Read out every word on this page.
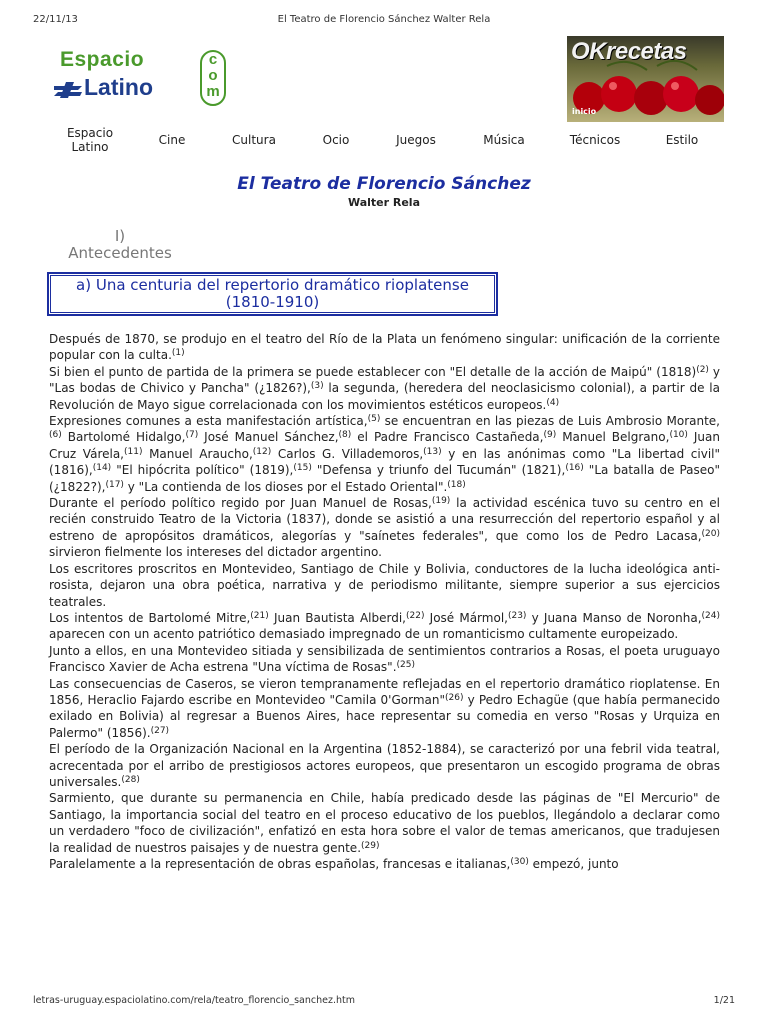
22/11/13	El Teatro de Florencio Sánchez Walter Rela
Espacio
Latino
c
o
m
OKrecetas
inicio
Espacio
Latino	Cine	Cultura	Ocio	Juegos	Música	Técnicos	Estilo
El Teatro de Florencio Sánchez
Walter Rela
I)
Antecedentes
a) Una centuria del repertorio dramático rioplatense (1810-1910)

Después de 1870, se produjo en el teatro del Río de la Plata un fenómeno singular: unificación de la corriente popular con la culta.$^{(1)}$

Si bien el punto de partida de la primera se puede establecer con "El detalle de la acción de Maipú" $(1818)^{(2)}$ y "Las bodas de Chivico y Pancha" (¿1826?),$^{(3)}$ la segunda, (heredera del neoclasicismo colonial), a partir de la Revolución de Mayo sigue correlacionada con los movimientos estéticos europeos.$^{(4)}$

Expresiones comunes a esta manifestación artística,$^{(5)}$ se encuentran en las piezas de Luis Ambrosio Morante,$^{(6)}$ Bartolomé Hidalgo,$^{(7)}$ José Manuel Sánchez,$^{(8)}$ el Padre Francisco Castañeda,$^{(9)}$ Manuel Belgrano,$^{(10)}$ Juan Cruz Várela,$^{(11)}$ Manuel Araucho,$^{(12)}$ Carlos G. Villademoros,$^{(13)}$ y en las anónimas como "La libertad civil" (1816),$^{(14)}$ "El hipócrita político" (1819),$^{(15)}$ "Defensa y triunfo del Tucumán" (1821),$^{(16)}$ "La batalla de Paseo" (¿1822?),$^{(17)}$ y "La contienda de los dioses por el Estado Oriental".$^{(18)}$

Durante el período político regido por Juan Manuel de Rosas,$^{(19)}$ la actividad escénica tuvo su centro en el recién construido Teatro de la Victoria (1837), donde se asistió a una resurrección del repertorio español y al estreno de apropósitos dramáticos, alegorías y "saínetes federales", que como los de Pedro Lacasa,$^{(20)}$ sirvieron fielmente los intereses del dictador argentino.

Los escritores proscritos en Montevideo, Santiago de Chile y Bolivia, conductores de la lucha ideológica anti-rosista, dejaron una obra poética, narrativa y de periodismo militante, siempre superior a sus ejercicios teatrales.

Los intentos de Bartolomé Mitre,$^{(21)}$ Juan Bautista Alberdi,$^{(22)}$ José Mármol,$^{(23)}$ y Juana Manso de Noronha,$^{(24)}$ aparecen con un acento patriótico demasiado impregnado de un romanticismo cultamente europeizado.

Junto a ellos, en una Montevideo sitiada y sensibilizada de sentimientos contrarios a Rosas, el poeta uruguayo Francisco Xavier de Acha estrena "Una víctima de Rosas".$^{(25)}$

Las consecuencias de Caseros, se vieron tempranamente reflejadas en el repertorio dramático rioplatense. En 1856, Heraclio Fajardo escribe en Montevideo "Camila 0'Gorman"$^{(26)}$ y Pedro Echagüe (que había permanecido exilado en Bolivia) al regresar a Buenos Aires, hace representar su comedia en verso "Rosas y Urquiza en Palermo" (1856).$^{(27)}$

El período de la Organización Nacional en la Argentina (1852-1884), se caracterizó por una febril vida teatral, acrecentada por el arribo de prestigiosos actores europeos, que presentaron un escogido programa de obras universales.$^{(28)}$

Sarmiento, que durante su permanencia en Chile, había predicado desde las páginas de "El Mercurio" de Santiago, la importancia social del teatro en el proceso educativo de los pueblos, llegándolo a declarar como un verdadero "foco de civilización", enfatizó en esta hora sobre el valor de temas americanos, que tradujesen la realidad de nuestros paisajes y de nuestra gente.$^{(29)}$

Paralelamente a la representación de obras españolas, francesas e italianas,$^{(30)}$ empezó, junto

letras-uruguay.espaciolatino.com/rela/teatro_florencio_sanchez.htm	1/21
